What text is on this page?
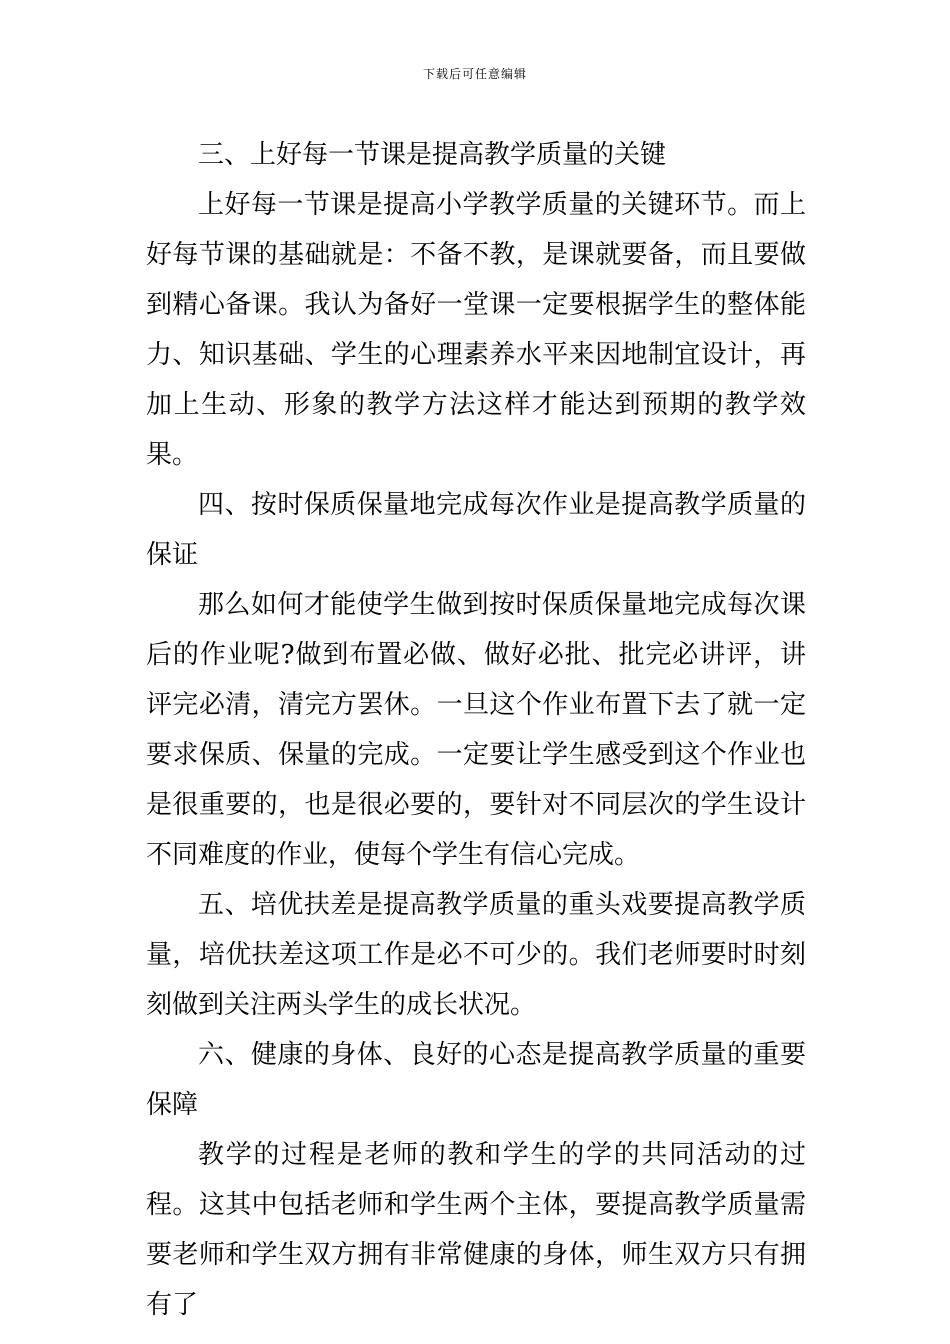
下载后可任意编辑

三、上好每一节课是提高教学质量的关键

上好每一节课是提高小学教学质量的关键环节。而上好每节课的基础就是：不备不教，是课就要备，而且要做到精心备课。我认为备好一堂课一定要根据学生的整体能力、知识基础、学生的心理素养水平来因地制宜设计，再加上生动、形象的教学方法这样才能达到预期的教学效果。

四、按时保质保量地完成每次作业是提高教学质量的保证

那么如何才能使学生做到按时保质保量地完成每次课后的作业呢?做到布置必做、做好必批、批完必讲评，讲评完必清，清完方罢休。一旦这个作业布置下去了就一定要求保质、保量的完成。一定要让学生感受到这个作业也是很重要的，也是很必要的，要针对不同层次的学生设计不同难度的作业，使每个学生有信心完成。

五、培优扶差是提高教学质量的重头戏要提高教学质量，培优扶差这项工作是必不可少的。我们老师要时时刻刻做到关注两头学生的成长状况。

六、健康的身体、良好的心态是提高教学质量的重要保障

教学的过程是老师的教和学生的学的共同活动的过程。这其中包括老师和学生两个主体，要提高教学质量需要老师和学生双方拥有非常健康的身体，师生双方只有拥有了
